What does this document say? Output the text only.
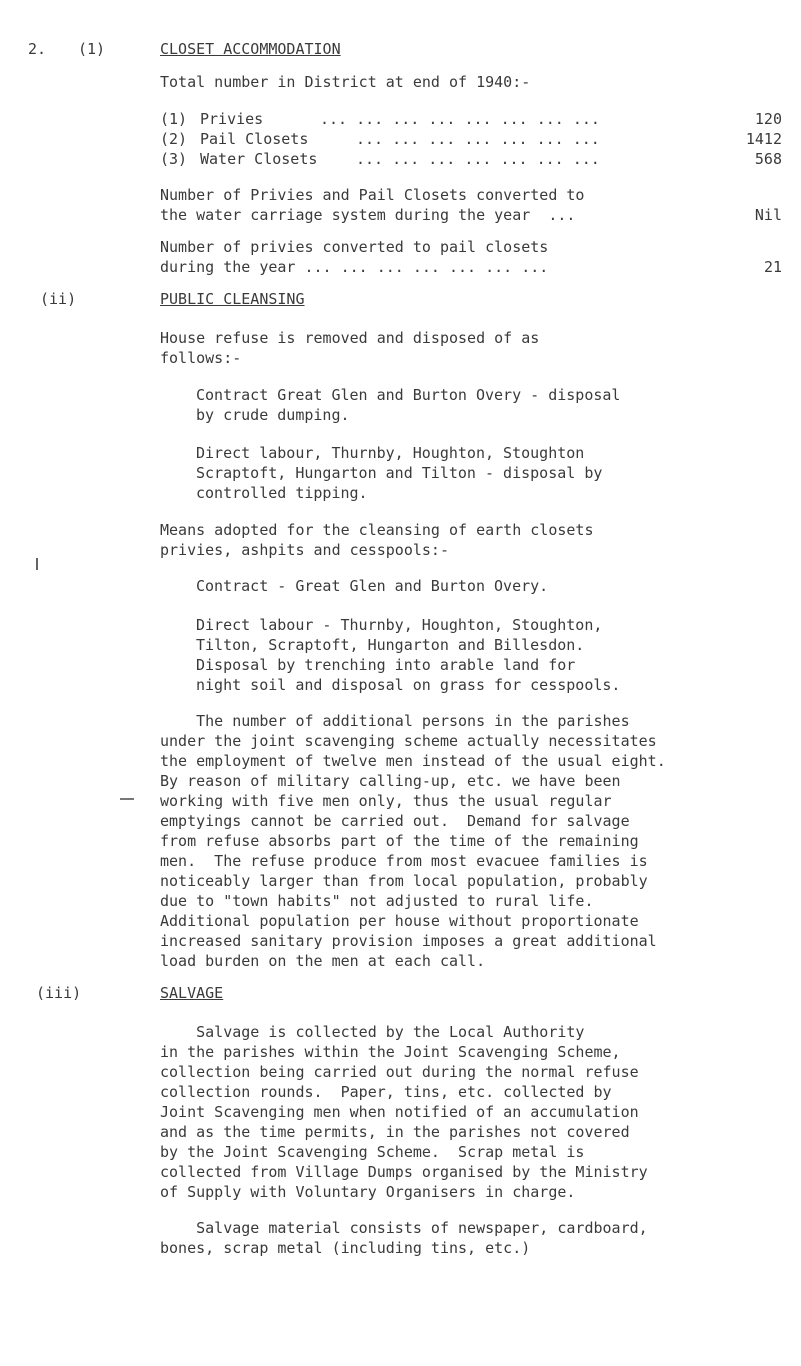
2. (1)	CLOSET ACCOMMODATION
Total number in District at end of 1940:-
(1) Privies	... ... ... ... ... ... ... ...	120
(2) Pail Closets	... ... ... ... ... ... ...	1412
(3) Water Closets	... ... ... ... ... ... ...	568
Number of Privies and Pail Closets converted to
the water carriage system during the year  ...	Nil
Number of privies converted to pail closets
during the year ... ... ... ... ... ... ...	21
(ii)	PUBLIC CLEANSING
House refuse is removed and disposed of as
follows:-
Contract Great Glen and Burton Overy - disposal
by crude dumping.
Direct labour, Thurnby, Houghton, Stoughton
Scraptoft, Hungarton and Tilton - disposal by
controlled tipping.
Means adopted for the cleansing of earth closets
privies, ashpits and cesspools:-
Contract - Great Glen and Burton Overy.
Direct labour - Thurnby, Houghton, Stoughton,
Tilton, Scraptoft, Hungarton and Billesdon.
Disposal by trenching into arable land for
night soil and disposal on grass for cesspools.
The number of additional persons in the parishes
under the joint scavenging scheme actually necessitates
the employment of twelve men instead of the usual eight.
By reason of military calling-up, etc. we have been
working with five men only, thus the usual regular
emptyings cannot be carried out.  Demand for salvage
from refuse absorbs part of the time of the remaining
men.  The refuse produce from most evacuee families is
noticeably larger than from local population, probably
due to "town habits" not adjusted to rural life.
Additional population per house without proportionate
increased sanitary provision imposes a great additional
load burden on the men at each call.
(iii)	SALVAGE
Salvage is collected by the Local Authority
in the parishes within the Joint Scavenging Scheme,
collection being carried out during the normal refuse
collection rounds.  Paper, tins, etc. collected by
Joint Scavenging men when notified of an accumulation
and as the time permits, in the parishes not covered
by the Joint Scavenging Scheme.  Scrap metal is
collected from Village Dumps organised by the Ministry
of Supply with Voluntary Organisers in charge.
Salvage material consists of newspaper, cardboard,
bones, scrap metal (including tins, etc.)
